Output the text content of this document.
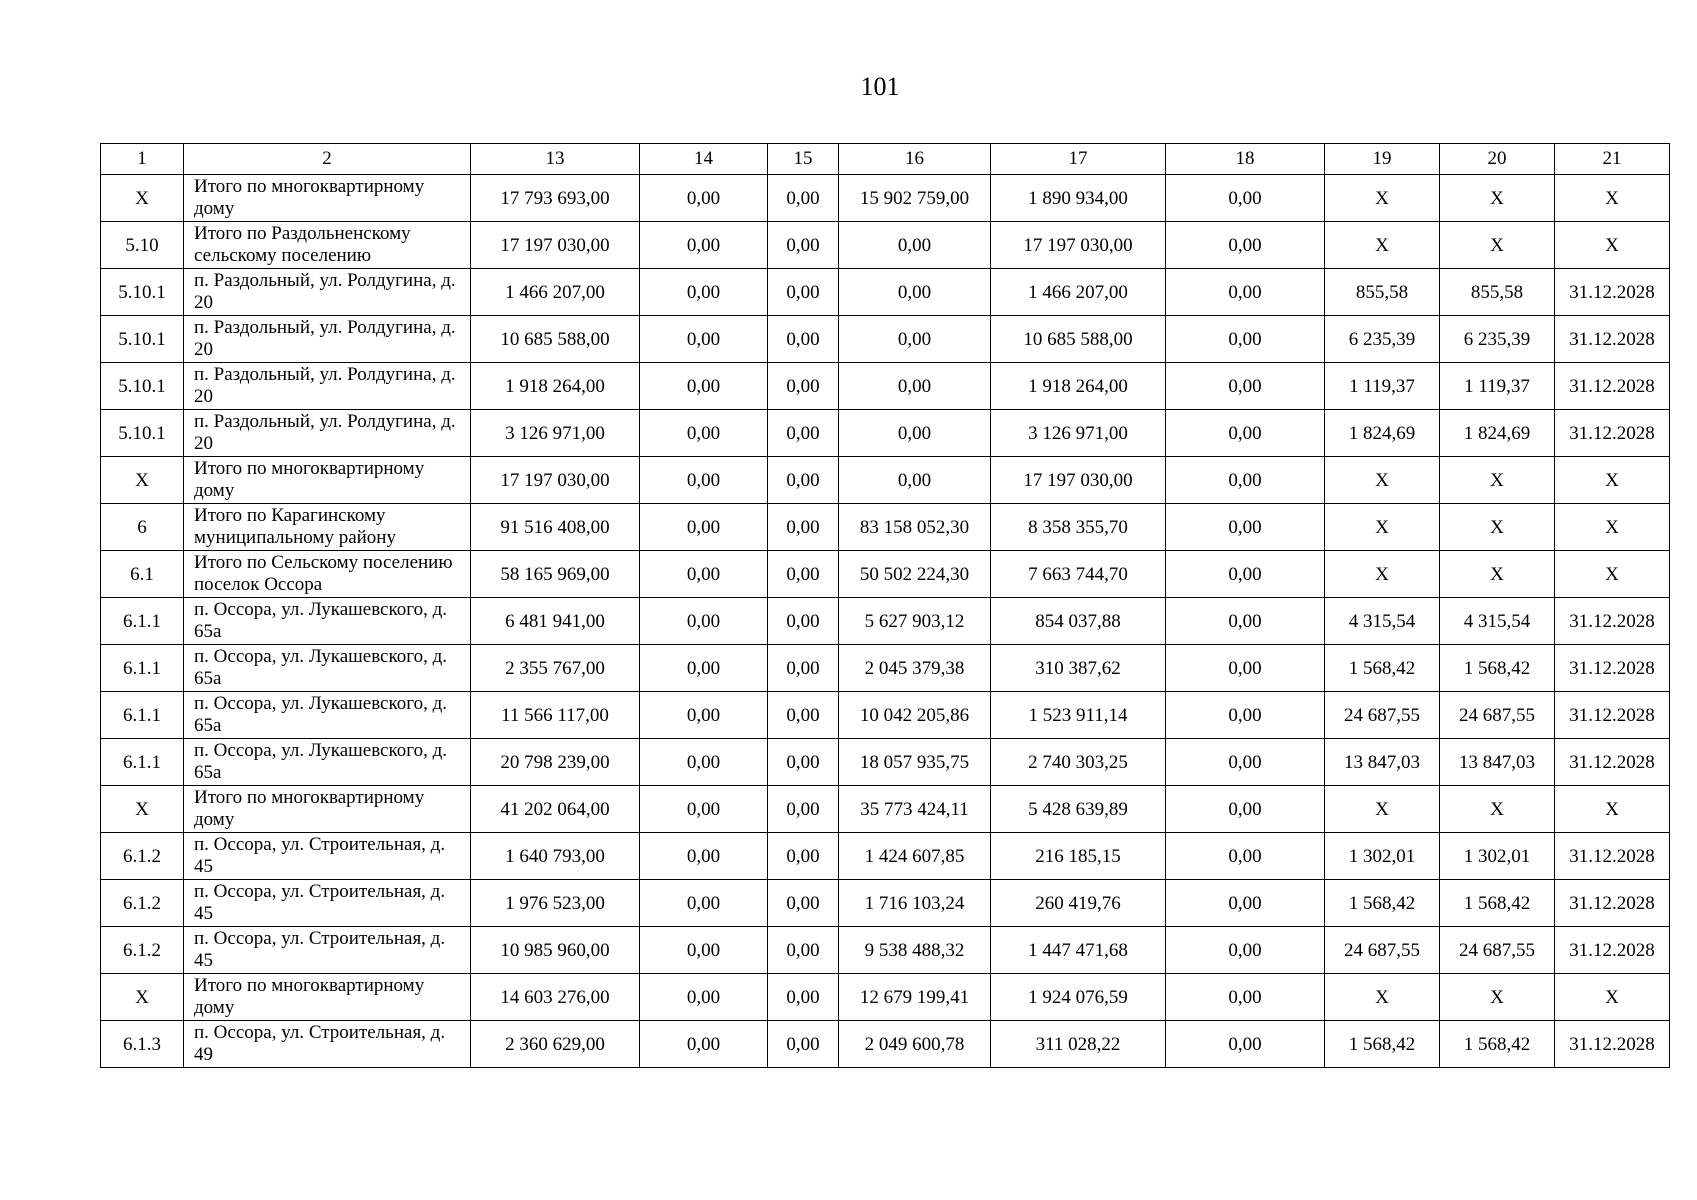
101
1	2	13	14	15	16	17	18	19	20	21
X	Итого по многоквартирному дому	17 793 693,00	0,00	0,00	15 902 759,00	1 890 934,00	0,00	X	X	X
5.10	Итого по Раздольненскому сельскому поселению	17 197 030,00	0,00	0,00	0,00	17 197 030,00	0,00	X	X	X
5.10.1	п. Раздольный, ул. Ролдугина, д. 20	1 466 207,00	0,00	0,00	0,00	1 466 207,00	0,00	855,58	855,58	31.12.2028
5.10.1	п. Раздольный, ул. Ролдугина, д. 20	10 685 588,00	0,00	0,00	0,00	10 685 588,00	0,00	6 235,39	6 235,39	31.12.2028
5.10.1	п. Раздольный, ул. Ролдугина, д. 20	1 918 264,00	0,00	0,00	0,00	1 918 264,00	0,00	1 119,37	1 119,37	31.12.2028
5.10.1	п. Раздольный, ул. Ролдугина, д. 20	3 126 971,00	0,00	0,00	0,00	3 126 971,00	0,00	1 824,69	1 824,69	31.12.2028
X	Итого по многоквартирному дому	17 197 030,00	0,00	0,00	0,00	17 197 030,00	0,00	X	X	X
6	Итого по Карагинскому муниципальному району	91 516 408,00	0,00	0,00	83 158 052,30	8 358 355,70	0,00	X	X	X
6.1	Итого по Сельскому поселению поселок Оссора	58 165 969,00	0,00	0,00	50 502 224,30	7 663 744,70	0,00	X	X	X
6.1.1	п. Оссора, ул. Лукашевского, д. 65а	6 481 941,00	0,00	0,00	5 627 903,12	854 037,88	0,00	4 315,54	4 315,54	31.12.2028
6.1.1	п. Оссора, ул. Лукашевского, д. 65а	2 355 767,00	0,00	0,00	2 045 379,38	310 387,62	0,00	1 568,42	1 568,42	31.12.2028
6.1.1	п. Оссора, ул. Лукашевского, д. 65а	11 566 117,00	0,00	0,00	10 042 205,86	1 523 911,14	0,00	24 687,55	24 687,55	31.12.2028
6.1.1	п. Оссора, ул. Лукашевского, д. 65а	20 798 239,00	0,00	0,00	18 057 935,75	2 740 303,25	0,00	13 847,03	13 847,03	31.12.2028
X	Итого по многоквартирному дому	41 202 064,00	0,00	0,00	35 773 424,11	5 428 639,89	0,00	X	X	X
6.1.2	п. Оссора, ул. Строительная, д. 45	1 640 793,00	0,00	0,00	1 424 607,85	216 185,15	0,00	1 302,01	1 302,01	31.12.2028
6.1.2	п. Оссора, ул. Строительная, д. 45	1 976 523,00	0,00	0,00	1 716 103,24	260 419,76	0,00	1 568,42	1 568,42	31.12.2028
6.1.2	п. Оссора, ул. Строительная, д. 45	10 985 960,00	0,00	0,00	9 538 488,32	1 447 471,68	0,00	24 687,55	24 687,55	31.12.2028
X	Итого по многоквартирному дому	14 603 276,00	0,00	0,00	12 679 199,41	1 924 076,59	0,00	X	X	X
6.1.3	п. Оссора, ул. Строительная, д. 49	2 360 629,00	0,00	0,00	2 049 600,78	311 028,22	0,00	1 568,42	1 568,42	31.12.2028
